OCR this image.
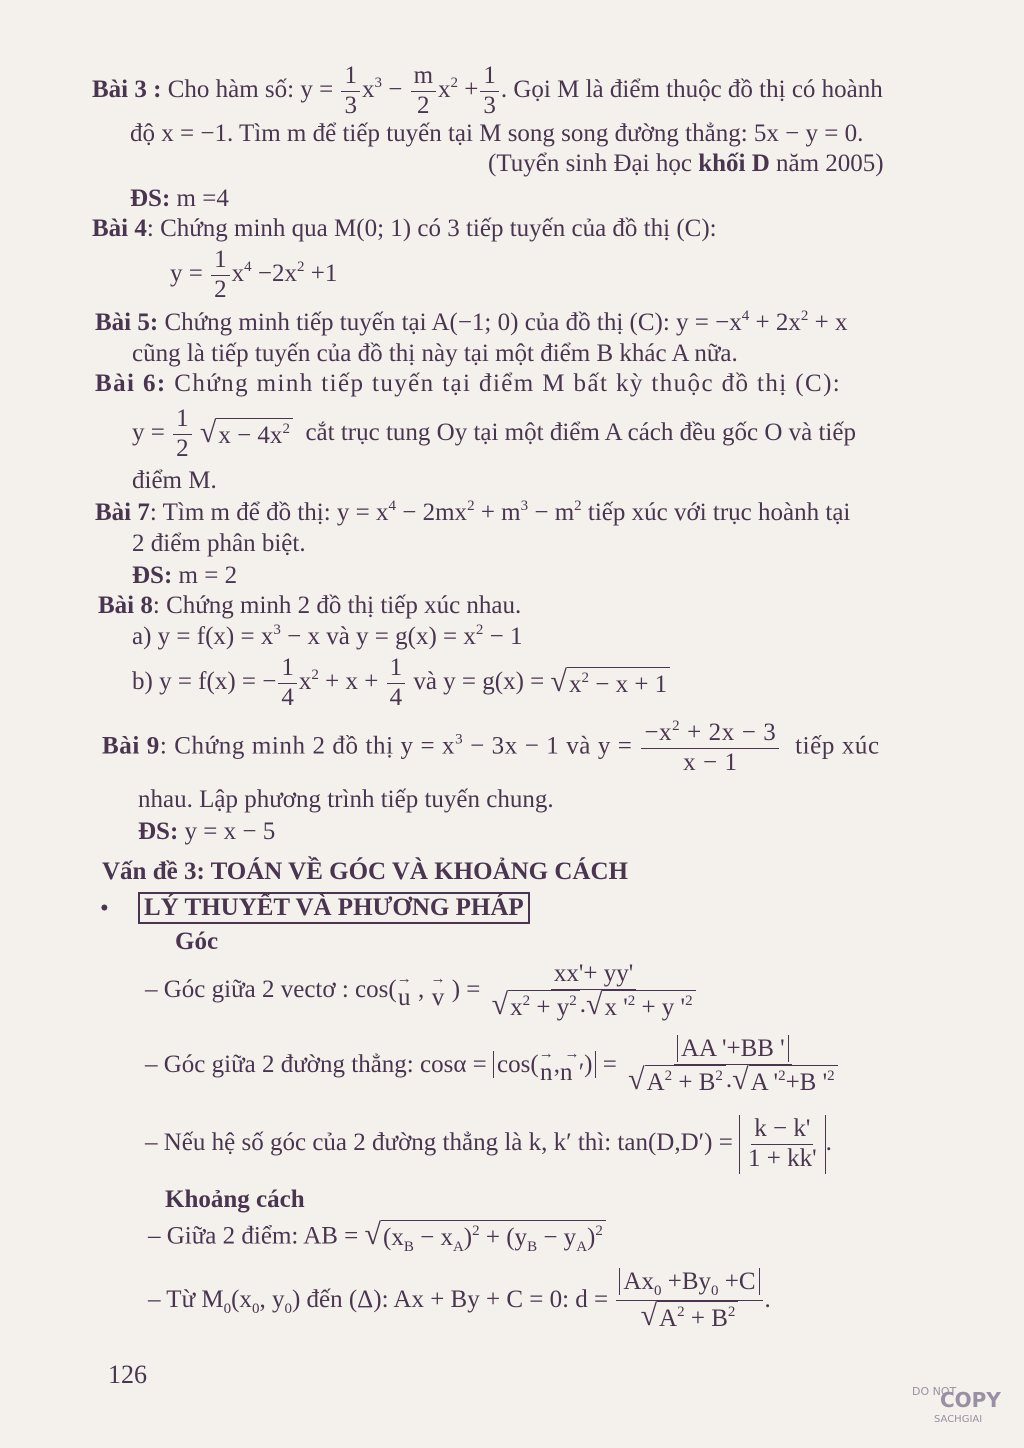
Bài 3 : Cho hàm số: $y = \frac{1}{3} x^3 - \frac{m}{2} x^2 + \frac{1}{3}$ . Gọi M là điểm thuộc đồ thị có hoành
độ x = −1. Tìm m để tiếp tuyến tại M song song đường thẳng: 5x − y = 0.
(Tuyển sinh Đại học khối D năm 2005)
ĐS: m =4
Bài 4: Chứng minh qua M(0; 1) có 3 tiếp tuyến của đồ thị (C):
$y = \frac{1}{2} x^4 -2x^2 +1$
Bài 5: Chứng minh tiếp tuyến tại A(−1; 0) của đồ thị (C): $y = -x^4 + 2x^2 + x$
cũng là tiếp tuyến của đồ thị này tại một điểm B khác A nữa.
Bài 6: Chứng minh tiếp tuyến tại điểm M bất kỳ thuộc đồ thị (C):
$y = \frac{1}{2}$
√ $x - 4x^2$ cắt trục tung Oy tại một điểm A cách đều gốc O và tiếp
điểm M.
Bài 7: Tìm m để đồ thị: $y = x^4 - 2mx^2 + m^3 - m^2$ tiếp xúc với trục hoành tại
2 điểm phân biệt.
ĐS: m = 2
Bài 8: Chứng minh 2 đồ thị tiếp xúc nhau.
a) $y = f(x) = x^3 - x$ và $y = g(x) = x^2 - 1$
b) y = f(x) = − $\frac{1}{4} x^2 + x + \frac{1}{4}$ và y = g(x) = √ $x^2 - x + 1$
Bài 9: Chứng minh 2 đồ thị $y = x^3 - 3x - 1$ và $y = \frac{-x^2 + 2x - 3}{x - 1}$ tiếp xúc
nhau. Lập phương trình tiếp tuyến chung.
ĐS: y = x − 5
Vấn đề 3: TOÁN VỀ GÓC VÀ KHOẢNG CÁCH
• LÝ THUYẾT VÀ PHƯƠNG PHÁP
Góc
– Góc giữa 2 vectơ : cos( →
u , →
v ) = $\frac{xx'+ yy'}{√ x^2 + y^2 . √ x '^2 + y '^2}$
– Góc giữa 2 đường thẳng: cosα = cos( →
n , →
n ′ ) = $\frac{AA '+BB '}{√ A^2 + B^2 . √ A '^2+B '^2}$
– Nếu hệ số góc của 2 đường thẳng là k, k′ thì: $\tan(D,D') = \frac{k - k'}{1 + kk'}$ .
Khoảng cách
– Giữa 2 điểm: AB = √ $(x_B - x_A)^2 + (y_B - y_A)^2$
– Từ $M_0(x_0$, $y_0$) đến (Δ): Ax + By + C = 0: $d = \frac{Ax_0 +By_0 +C}{√ A^2 + B^2}$ .
126
DO NOT
COPY
SACHGIAI
